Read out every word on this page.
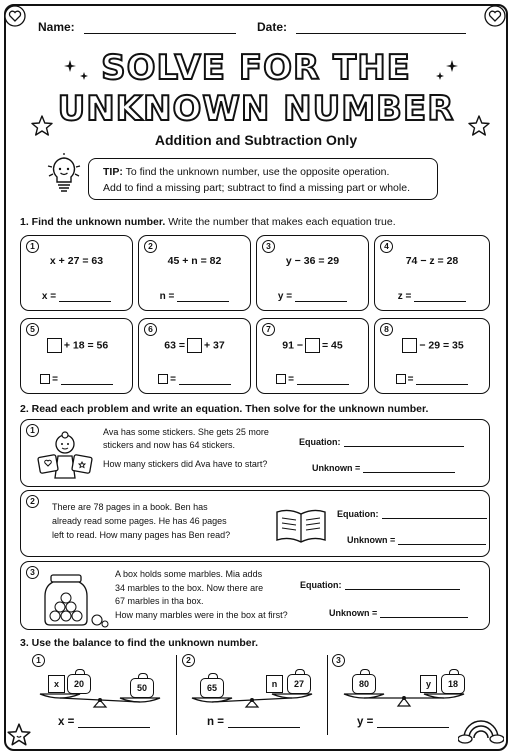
Name:	Date:
SOLVE FOR THE
UNKNOWN NUMBER
Addition and Subtraction Only
TIP: To find the unknown number, use the opposite operation.
Add to find a missing part; subtract to find a missing part or whole.
1. Find the unknown number. Write the number that makes each equation true.
1
x + 27 = 63
x =
2
45 + n = 82
n =
3
y − 36 = 29
y =
4
74 − z = 28
z =
5
+ 18 = 56
=
6
63 = + 37
=
7
91 − = 45
=
8
− 29 = 35
=
2. Read each problem and write an equation. Then solve for the unknown number.
1	Ava has some stickers. She gets 25 more
stickers and now has 64 stickers.
How many stickers did Ava have to start?
Equation:
Unknown =
2
There are 78 pages in a book. Ben has
already read some pages. He has 46 pages
left to read. How many pages has Ben read?
Equation:
Unknown =
3	A box holds some marbles. Mia adds
34 marbles to the box. Now there are
67 marbles in tha box.
How many marbles were in the box at first?
Equation:
Unknown =
3. Use the balance to find the unknown number.
1
x	20	50
2
65	n	27
3
80	y	18
x =	n =	y =
